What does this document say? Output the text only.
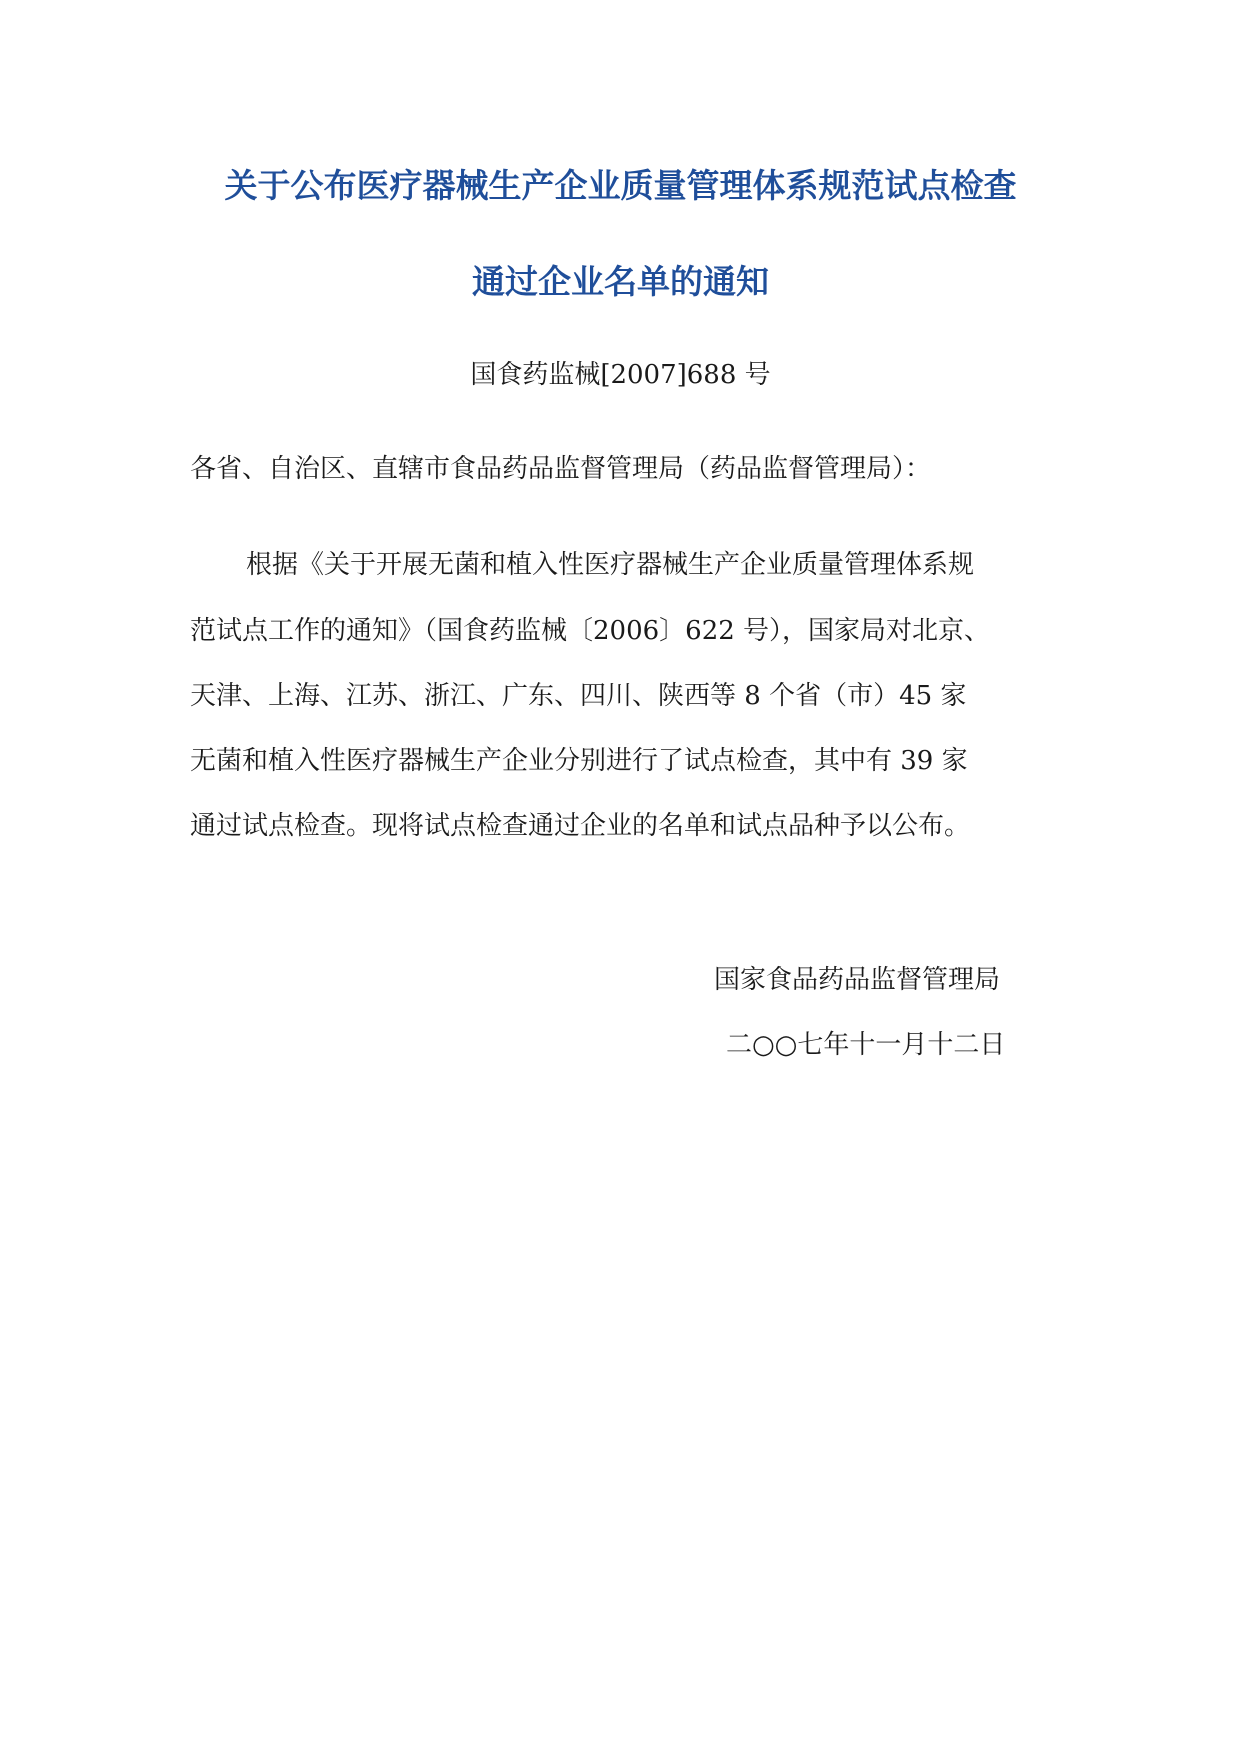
关于公布医疗器械生产企业质量管理体系规范试点检查
通过企业名单的通知
国食药监械[2007]688 号
各省、自治区、直辖市食品药品监督管理局（药品监督管理局）：
根据《关于开展无菌和植入性医疗器械生产企业质量管理体系规
范试点工作的通知》（国食药监械〔2006〕622 号），国家局对北京、
天津、上海、江苏、浙江、广东、四川、陕西等 8 个省（市）45 家
无菌和植入性医疗器械生产企业分别进行了试点检查，其中有 39 家
通过试点检查。现将试点检查通过企业的名单和试点品种予以公布。
国家食品药品监督管理局
二○○七年十一月十二日
